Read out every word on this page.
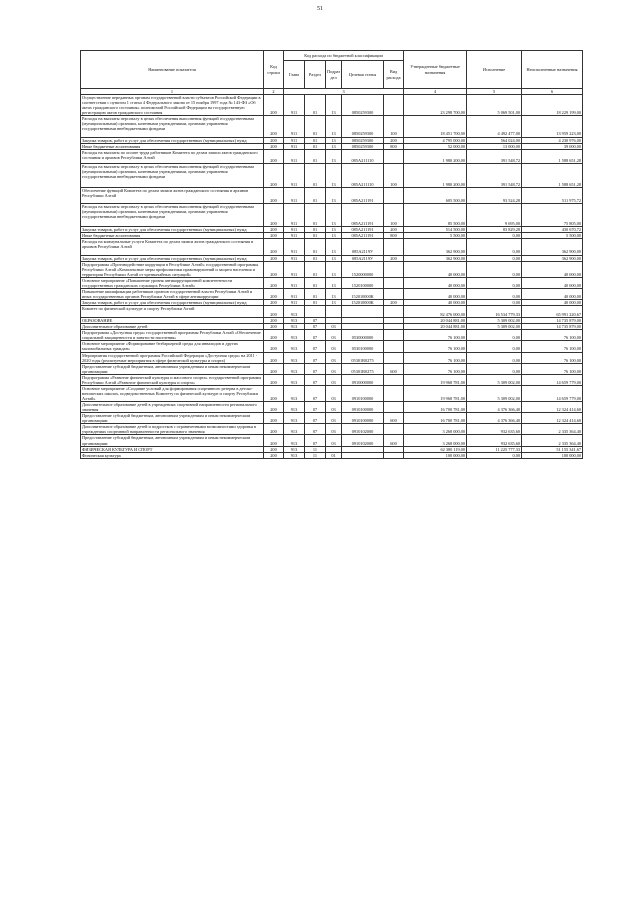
51
Наименование показателя	Код строки	Код расхода по бюджетной классификации					Утвержденные бюджетные назначения	Исполнение	Неисполненные назначения
		Глава	Раздел	Подраз дел	Целевая статья	Вид расхода			
1	2	3					4	5	6
Осуществление переданных органам государственной власти субъектов Российской Федерации в соответствии с пунктом 1 статьи 4 Федерального закона от 15 ноября 1997 года № 143-ФЗ «Об актах гражданского состояния» полномочий Российской Федерации на государственную регистрацию актов гражданского состояния	200	911	01	13	0850259300		23 298 700,00	5 069 501,00	18 229 199,00
Расходы на выплаты персоналу в целях обеспечения выполнения функций государственными (муниципальными) органами, казенными учреждениями, органами управления государственными внебюджетными фондами	200	911	01	13	0850259300	100	18 451 700,00	4 492 477,00	13 959 223,00
Закупка товаров, работ и услуг для обеспечения государственных (муниципальных) нужд	200	911	01	13	0850259300	200	4 795 000,00	564 024,00	4 230 976,00
Иные бюджетные ассигнования	200	911	01	13	0850259300	800	52 000,00	13 000,00	39 000,00
Расходы на выплаты по оплате труда работников Комитета по делам записи актов гражданского состояния и архивов Республики Алтай	200	911	01	13	085А211110		1 980 200,00	391 548,72	1 588 651,28
Расходы на выплаты персоналу в целях обеспечения выполнения функций государственными (муниципальными) органами, казенными учреждениями, органами управления государственными внебюджетными фондами	200	911	01	13	085А211110	100	1 980 200,00	391 548,72	1 588 651,28
Обеспечение функций Комитета по делам записи актов гражданского состояния и архивов Республики Алтай	200	911	01	13	085А211191		605 500,00	93 524,28	511 975,72
Расходы на выплаты персоналу в целях обеспечения выполнения функций государственными (муниципальными) органами, казенными учреждениями, органами управления государственными внебюджетными фондами	200	911	01	13	085А211191	100	85 500,00	9 695,00	75 805,00
Закупка товаров, работ и услуг для обеспечения государственных (муниципальных) нужд	200	911	01	13	085А211191	200	514 500,00	83 829,28	430 670,72
Иные бюджетные ассигнования	200	911	01	13	085А211191	800	5 500,00	0,00	5 500,00
Расходы на коммунальные услуги Комитета по делам записи актов гражданского состояния и архивов Республики Алтай	200	911	01	13	085А2119У		362 900,00	0,00	362 900,00
Закупка товаров, работ и услуг для обеспечения государственных (муниципальных) нужд	200	911	01	13	085А2119У	200	362 900,00	0,00	362 900,00
Подпрограмма «Противодействие коррупции в Республике Алтай» государственной программы Республики Алтай «Комплексные меры профилактики правонарушений и защита населения и территории Республики Алтай от чрезвычайных ситуаций»	200	911	01	13	1520000000		40 000,00	0,00	40 000,00
Основное мероприятие «Повышение уровня антикоррупционной компетентности государственных гражданских служащих Республики Алтай»	200	911	01	13	1520100000		40 000,00	0,00	40 000,00
Повышение квалификации работников органов государственной власти Республики Алтай и иных государственных органов Республики Алтай в сфере антикоррупции	200	911	01	13	152010000К		40 000,00	0,00	40 000,00
Закупка товаров, работ и услуг для обеспечения государственных (муниципальных) нужд	200	911	01	13	152010000К	200	40 000,00	0,00	40 000,00
Комитет по физической культуре и спорту Республики Алтай	200	913					82 476 000,00	16 534 779,33	65 991 220,67
ОБРАЗОВАНИЕ	200	913	07				20 044 881,00	5 309 002,00	14 735 879,00
Дополнительное образование детей	200	913	07	03			20 044 881,00	5 309 002,00	14 735 879,00
Подпрограмма «Доступная среда» государственной программы Республики Алтай «Обеспечение социальной защищенности и занятости населения»	200	913	07	03	0530000000		76 100,00	0,00	76 100,00
Основное мероприятие «Формирование безбарьерной среды для инвалидов и других маломобильных граждан»	200	913	07	03	0530100000		76 100,00	0,00	76 100,00
Мероприятия государственной программы Российской Федерации «Доступная среда» на 2011 - 2020 годы (реализуемые мероприятия в сфере физической культуры и спорта)	200	913	07	03	05301R0275		76 100,00	0,00	76 100,00
Предоставление субсидий бюджетным, автономным учреждениям и иным некоммерческим организациям	200	913	07	03	05301R0275	600	76 100,00	0,00	76 100,00
Подпрограмма «Развитие физической культуры и массового спорта» государственной программы Республики Алтай «Развитие физической культуры и спорта»	200	913	07	03	0910000000		19 968 781,00	5 309 002,00	14 659 779,00
Основное мероприятие «Создание условий для формирования спортивного резерва в детско-юношеских школах, подведомственных Комитету по физической культуре и спорту Республики Алтай»	200	913	07	03	0910100000		19 968 781,00	5 309 002,00	14 659 779,00
Дополнительное образование детей в учреждениях спортивной направленности регионального значения	200	913	07	03	0910100000		16 700 781,00	4 376 366,40	12 324 414,60
Предоставление субсидий бюджетным, автономным учреждениям и иным некоммерческим организациям	200	913	07	03	0910100000	600	16 700 781,00	4 376 366,40	12 324 414,60
Дополнительное образование детей и подростков с ограниченными возможностями здоровья в учреждениях спортивной направленности регионального значения	200	913	07	03	0910102000		3 268 000,00	932 635,60	2 335 364,40
Предоставление субсидий бюджетным, автономным учреждениям и иным некоммерческим организациям	200	913	07	03	0910102000	600	3 268 000,00	932 635,60	2 335 364,40
ФИЗИЧЕСКАЯ КУЛЬТУРА И СПОРТ	200	913	11				62 380 119,00	11 225 777,33	51 155 341,67
Физическая культура	200	913	11	01			100 000,00	0,00	100 000,00
